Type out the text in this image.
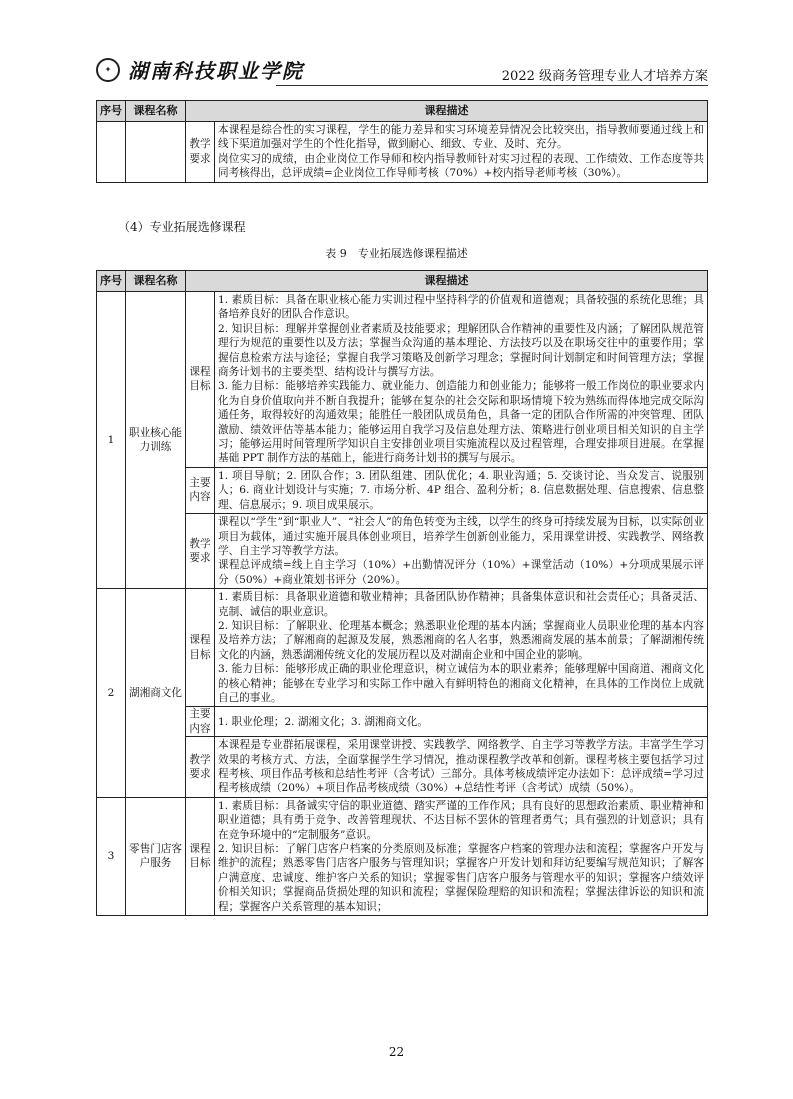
✦ 湖南科技职业学院	2022 级商务管理专业人才培养方案
序号	课程名称	课程描述	
		教学要求	本课程是综合性的实习课程，学生的能力差异和实习环境差异情况会比较突出，指导教师要通过线上和线下渠道加强对学生的个性化指导，做到耐心、细致、专业、及时、充分。

岗位实习的成绩，由企业岗位工作导师和校内指导教师针对实习过程的表现、工作绩效、工作态度等共同考核得出，总评成绩=企业岗位工作导师考核（70%）+校内指导老师考核（30%）。

（4）专业拓展选修课程
表 9　专业拓展选修课程描述
序号	课程名称	课程描述	
1	职业核心能力训练	课程目标	1. 素质目标：具备在职业核心能力实训过程中坚持科学的价值观和道德观；具备较强的系统化思维；具备培养良好的团队合作意识。

2. 知识目标：理解并掌握创业者素质及技能要求；理解团队合作精神的重要性及内涵；了解团队规范管理行为规范的重要性以及方法；掌握当众沟通的基本理论、方法技巧以及在职场交往中的重要作用；掌握信息检索方法与途径；掌握自我学习策略及创新学习理念；掌握时间计划制定和时间管理方法；掌握商务计划书的主要类型、结构设计与撰写方法。

3. 能力目标：能够培养实践能力、就业能力、创造能力和创业能力；能够将一般工作岗位的职业要求内化为自身价值取向并不断自我提升；能够在复杂的社会交际和职场情境下较为熟练而得体地完成交际沟通任务，取得较好的沟通效果；能胜任一般团队成员角色，具备一定的团队合作所需的冲突管理、团队激励、绩效评估等基本能力；能够运用自我学习及信息处理方法、策略进行创业项目相关知识的自主学习；能够运用时间管理所学知识自主安排创业项目实施流程以及过程管理，合理安排项目进展。在掌握基础 PPT 制作方法的基础上，能进行商务计划书的撰写与展示。

		主要内容	1. 项目导航；2. 团队合作；3. 团队组建、团队优化；4. 职业沟通；5. 交谈讨论、当众发言、说服别人；6. 商业计划设计与实施；7. 市场分析、4P 组合、盈利分析；8. 信息数据处理、信息搜索、信息整理、信息展示；9. 项目成果展示。

		教学要求	课程以“学生”到“职业人”、“社会人”的角色转变为主线，以学生的终身可持续发展为目标，以实际创业项目为载体，通过实施开展具体创业项目，培养学生创新创业能力，采用课堂讲授、实践教学、网络教学、自主学习等教学方法。

课程总评成绩=线上自主学习（10%）+出勤情况评分（10%）+课堂活动（10%）+分项成果展示评分（50%）+商业策划书评分（20%）。

2	湖湘商文化	课程目标	1. 素质目标：具备职业道德和敬业精神；具备团队协作精神；具备集体意识和社会责任心；具备灵活、克制、诚信的职业意识。

2. 知识目标：了解职业、伦理基本概念；熟悉职业伦理的基本内涵；掌握商业人员职业伦理的基本内容及培养方法；了解湘商的起源及发展，熟悉湘商的名人名事，熟悉湘商发展的基本前景；了解湖湘传统文化的内涵，熟悉湖湘传统文化的发展历程以及对湖南企业和中国企业的影响。

3. 能力目标：能够形成正确的职业伦理意识，树立诚信为本的职业素养；能够理解中国商道、湘商文化的核心精神；能够在专业学习和实际工作中融入有鲜明特色的湘商文化精神，在具体的工作岗位上成就自己的事业。

		主要内容	1. 职业伦理；2. 湖湘文化；3. 湖湘商文化。

		教学要求	本课程是专业群拓展课程，采用课堂讲授、实践教学、网络教学、自主学习等教学方法。丰富学生学习效果的考核方式、方法，全面掌握学生学习情况，推动课程教学改革和创新。课程考核主要包括学习过程考核、项目作品考核和总结性考评（含考试）三部分。具体考核成绩评定办法如下：总评成绩=学习过程考核成绩（20%）+项目作品考核成绩（30%）+总结性考评（含考试）成绩（50%）。

3	零售门店客户服务	课程目标	1. 素质目标：具备诚实守信的职业道德、踏实严谨的工作作风；具有良好的思想政治素质、职业精神和职业道德；具有勇于竞争、改善管理现状、不达目标不罢休的管理者勇气；具有强烈的计划意识；具有在竞争环境中的“定制服务”意识。

2. 知识目标：了解门店客户档案的分类原则及标准；掌握客户档案的管理办法和流程；掌握客户开发与维护的流程；熟悉零售门店客户服务与管理知识；掌握客户开发计划和拜访纪要编写规范知识；了解客户满意度、忠诚度、维护客户关系的知识；掌握零售门店客户服务与管理水平的知识；掌握客户绩效评价相关知识；掌握商品货损处理的知识和流程；掌握保险理赔的知识和流程；掌握法律诉讼的知识和流程；掌握客户关系管理的基本知识；

22
